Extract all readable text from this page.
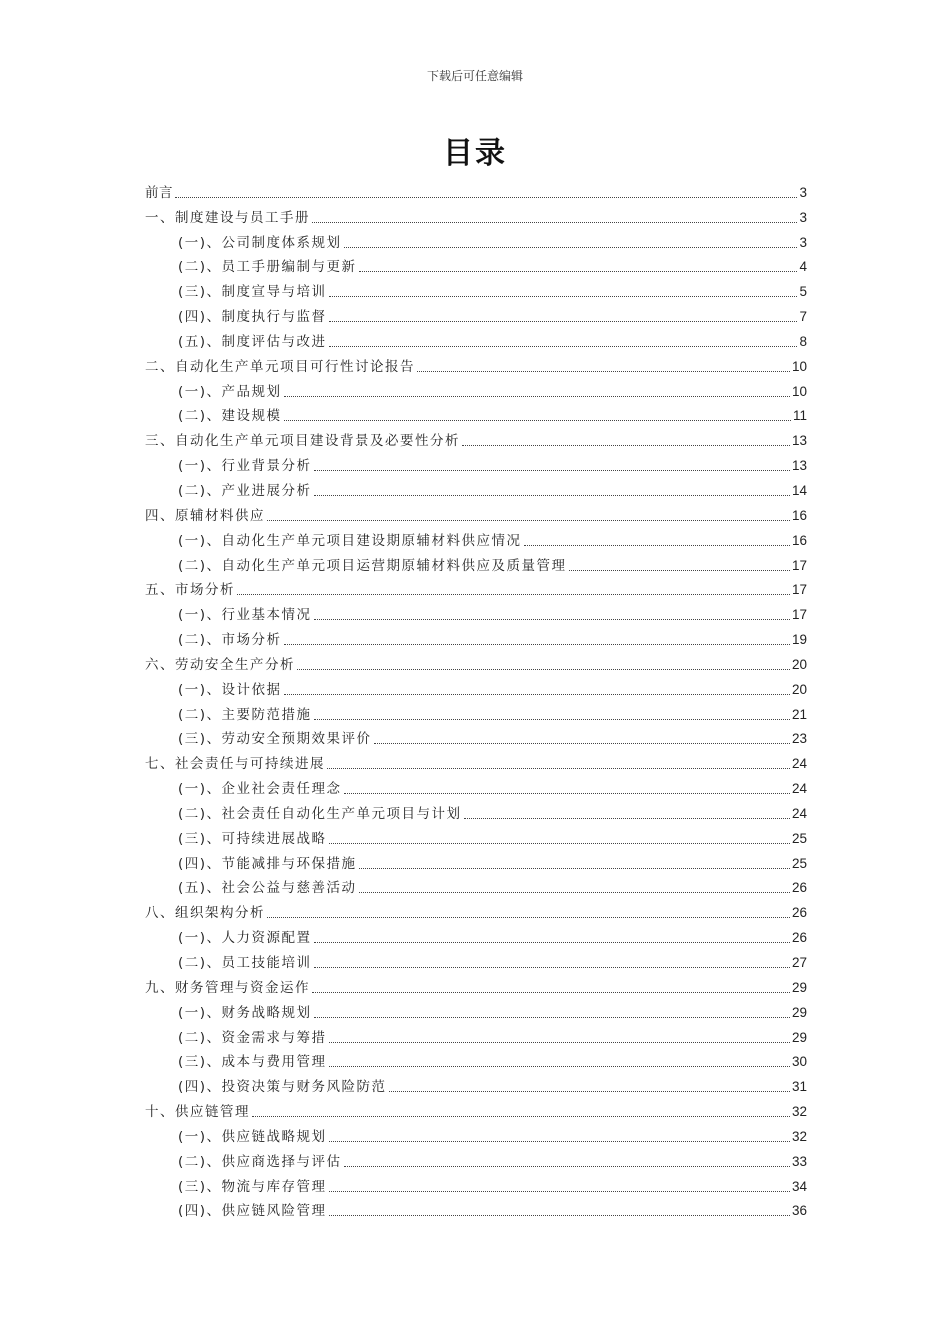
下载后可任意编辑
目录
前言	3
一、制度建设与员工手册	3
(一)、公司制度体系规划	3
(二)、员工手册编制与更新	4
(三)、制度宣导与培训	5
(四)、制度执行与监督	7
(五)、制度评估与改进	8
二、自动化生产单元项目可行性讨论报告	10
(一)、产品规划	10
(二)、建设规模	11
三、自动化生产单元项目建设背景及必要性分析	13
(一)、行业背景分析	13
(二)、产业进展分析	14
四、原辅材料供应	16
(一)、自动化生产单元项目建设期原辅材料供应情况	16
(二)、自动化生产单元项目运营期原辅材料供应及质量管理	17
五、市场分析	17
(一)、行业基本情况	17
(二)、市场分析	19
六、劳动安全生产分析	20
(一)、设计依据	20
(二)、主要防范措施	21
(三)、劳动安全预期效果评价	23
七、社会责任与可持续进展	24
(一)、企业社会责任理念	24
(二)、社会责任自动化生产单元项目与计划	24
(三)、可持续进展战略	25
(四)、节能减排与环保措施	25
(五)、社会公益与慈善活动	26
八、组织架构分析	26
(一)、人力资源配置	26
(二)、员工技能培训	27
九、财务管理与资金运作	29
(一)、财务战略规划	29
(二)、资金需求与筹措	29
(三)、成本与费用管理	30
(四)、投资决策与财务风险防范	31
十、供应链管理	32
(一)、供应链战略规划	32
(二)、供应商选择与评估	33
(三)、物流与库存管理	34
(四)、供应链风险管理	36
